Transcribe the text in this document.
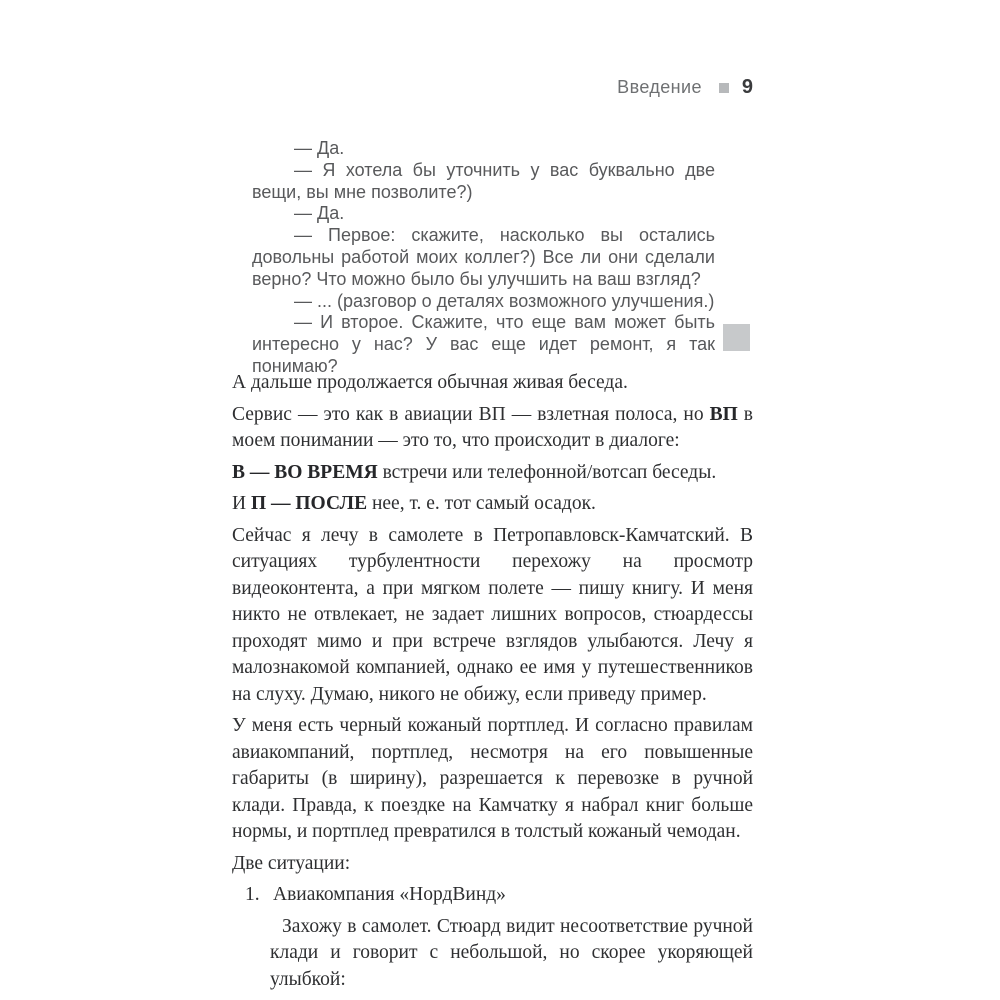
Введение 9

— Да.

— Я хотела бы уточнить у вас буквально две вещи, вы мне позволите?)

— Да.

— Первое: скажите, насколько вы остались довольны работой моих коллег?) Все ли они сделали верно? Что можно было бы улучшить на ваш взгляд?

— ... (разговор о деталях возможного улучшения.)

— И второе. Скажите, что еще вам может быть интересно у нас? У вас еще идет ремонт, я так понимаю?

А дальше продолжается обычная живая беседа.

Сервис — это как в авиации ВП — взлетная полоса, но ВП в моем понимании — это то, что происходит в диалоге:

В — ВО ВРЕМЯ встречи или телефонной/вотсап беседы.

И П — ПОСЛЕ нее, т. е. тот самый осадок.

Сейчас я лечу в самолете в Петропавловск-Камчатский. В ситуациях турбулентности перехожу на просмотр видеоконтента, а при мягком полете — пишу книгу. И меня никто не отвлекает, не задает лишних вопросов, стюардессы проходят мимо и при встрече взглядов улыбаются. Лечу я малознакомой компанией, однако ее имя у путешественников на слуху. Думаю, никого не обижу, если приведу пример.

У меня есть черный кожаный портплед. И согласно правилам авиакомпаний, портплед, несмотря на его повышенные габариты (в ширину), разрешается к перевозке в ручной клади. Правда, к поездке на Камчатку я набрал книг больше нормы, и портплед превратился в толстый кожаный чемодан.

Две ситуации:

1. Авиакомпания «НордВинд»

Захожу в самолет. Стюард видит несоответствие ручной клади и говорит с небольшой, но скорее укоряющей улыбкой:
